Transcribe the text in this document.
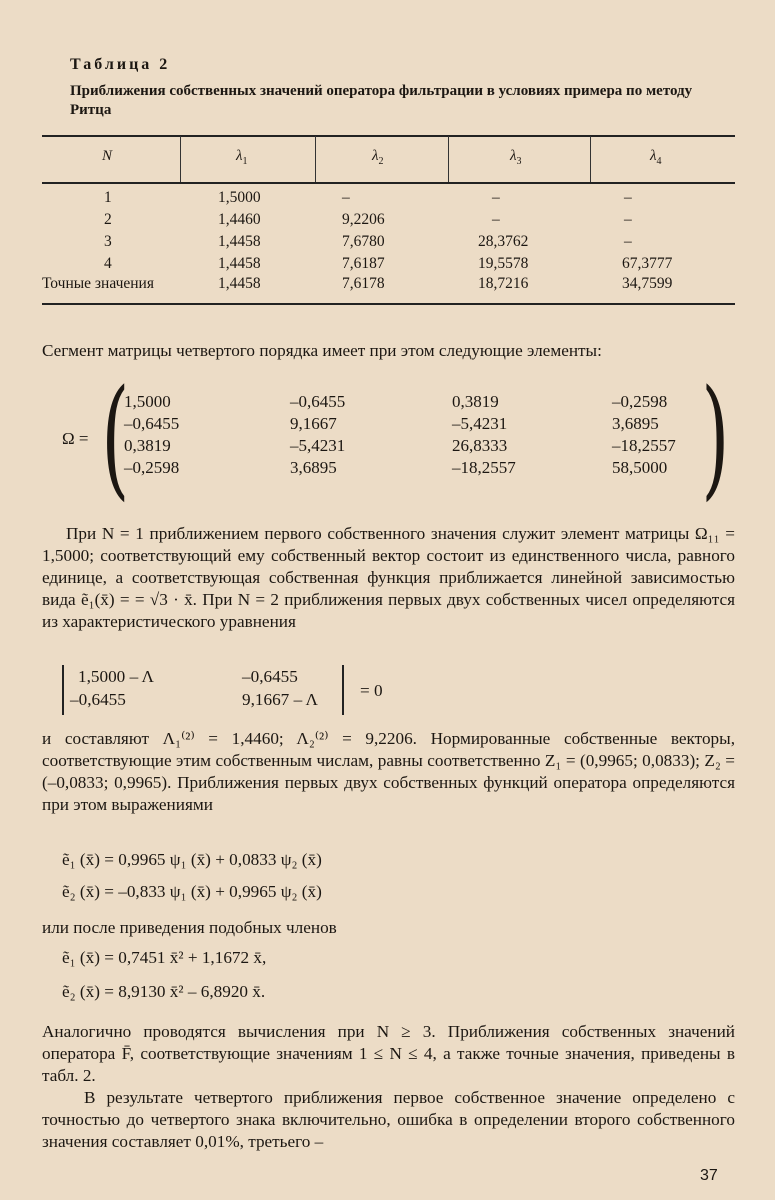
Таблица 2
Приближения собственных значений оператора фильтрации в условиях примера по методу Ритца
N	$\lambda_1$	$\lambda_2$	$\lambda_3$	$\lambda_4$
1	1,5000	–	–	–
2	1,4460	9,2206	–	–
3	1,4458	7,6780	28,3762	–
4	1,4458	7,6187	19,5578	67,3777
Точные значения	1,4458	7,6178	18,7216	34,7599
Сегмент матрицы четвертого порядка имеет при этом следующие элементы:
Ω = (	)
1,5000	–0,6455	0,3819	–0,2598
–0,6455	9,1667	–5,4231	3,6895
0,3819	–5,4231	26,8333	–18,2557
–0,2598	3,6895	–18,2557	58,5000
При N = 1 приближением первого собственного значения служит элемент матрицы Ω₁₁ = 1,5000; соответствующий ему собственный вектор состоит из единственного числа, равного единице, а соответствующая собственная функция приближается линейной зависимостью вида ẽ₁(x̄) = = √3 · x̄. При N = 2 приближения первых двух собственных чисел определяются из характеристического уравнения
1,5000 – Λ	–0,6455
–0,6455	9,1667 – Λ = 0
и составляют Λ₁⁽²⁾ = 1,4460; Λ₂⁽²⁾ = 9,2206. Нормированные собственные векторы, соответствующие этим собственным числам, равны соответственно Z₁ = (0,9965; 0,0833); Z₂ = (–0,0833; 0,9965). Приближения первых двух собственных функций оператора определяются при этом выражениями
ẽ₁ (x̄) = 0,9965 ψ₁ (x̄) + 0,0833 ψ₂ (x̄)
ẽ₂ (x̄) = –0,833 ψ₁ (x̄) + 0,9965 ψ₂ (x̄)
или после приведения подобных членов
ẽ₁ (x̄) = 0,7451 x̄² + 1,1672 x̄,
ẽ₂ (x̄) = 8,9130 x̄² – 6,8920 x̄.
Аналогично проводятся вычисления при N ≥ 3. Приближения собственных значений оператора F̄, соответствующие значениям 1 ≤ N ≤ 4, а также точные значения, приведены в табл. 2.
В результате четвертого приближения первое собственное значение определено с точностью до четвертого знака включительно, ошибка в определении второго собственного значения составляет 0,01%, третьего –
37
